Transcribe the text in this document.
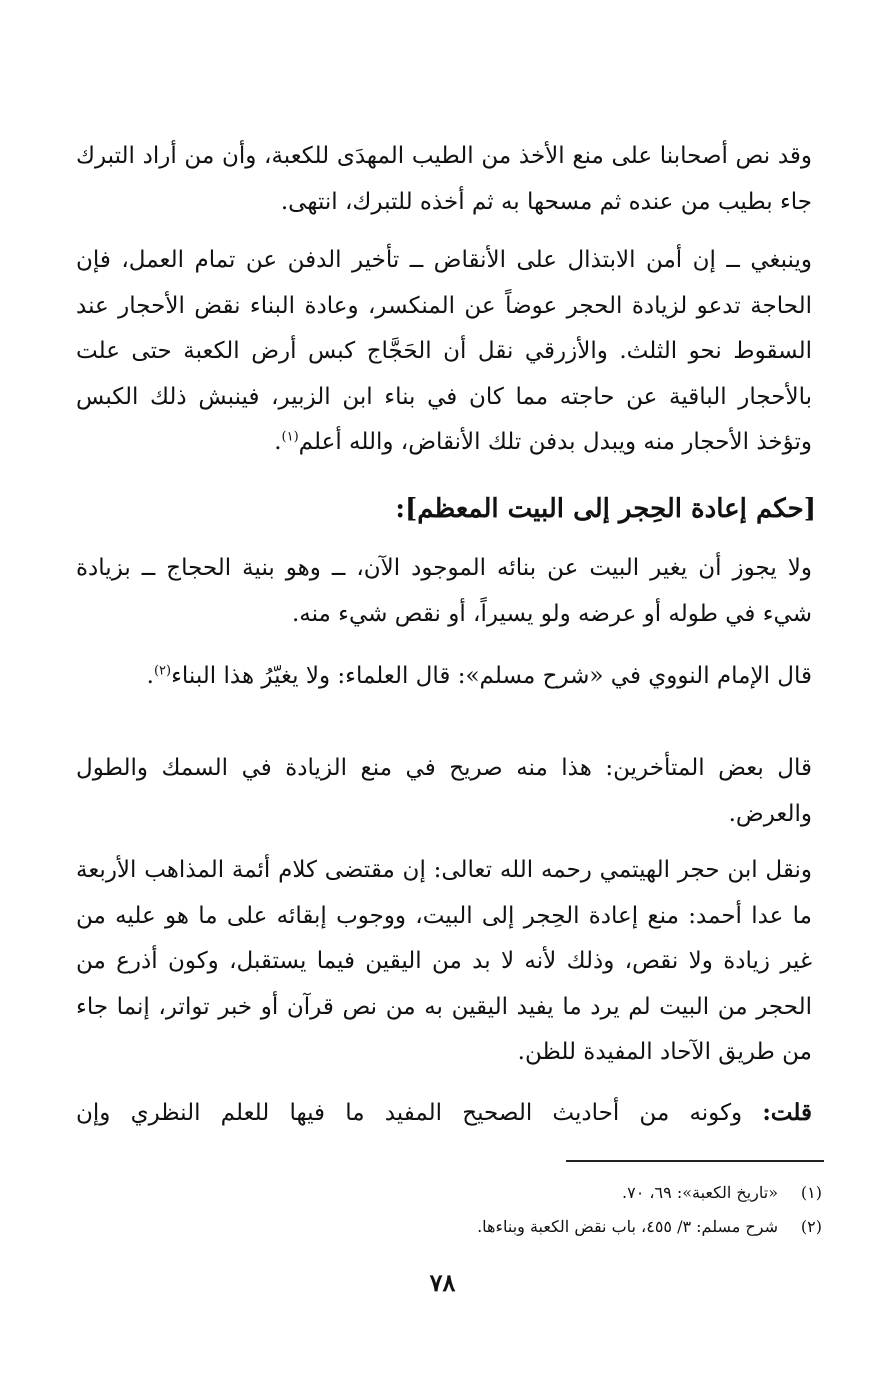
وقد نص أصحابنا على منع الأخذ من الطيب المهدَى للكعبة، وأن من أراد التبرك جاء بطيب من عنده ثم مسحها به ثم أخذه للتبرك، انتهى.

وينبغي ــ إن أمن الابتذال على الأنقاض ــ تأخير الدفن عن تمام العمل، فإن الحاجة تدعو لزيادة الحجر عوضاً عن المنكسر، وعادة البناء نقض الأحجار عند السقوط نحو الثلث. والأزرقي نقل أن الحَجَّاج كبس أرض الكعبة حتى علت بالأحجار الباقية عن حاجته مما كان في بناء ابن الزبير، فينبش ذلك الكبس وتؤخذ الأحجار منه ويبدل بدفن تلك الأنقاض، والله أعلم$^{(١)}$.

[حكم إعادة الحِجر إلى البيت المعظم]:

ولا يجوز أن يغير البيت عن بنائه الموجود الآن، ــ وهو بنية الحجاج ــ بزيادة شيء في طوله أو عرضه ولو يسيراً، أو نقص شيء منه.

قال الإمام النووي في «شرح مسلم»: قال العلماء: ولا يغيّرُ هذا البناء$^{(٢)}$.

قال بعض المتأخرين: هذا منه صريح في منع الزيادة في السمك والطول والعرض.

ونقل ابن حجر الهيتمي رحمه الله تعالى: إن مقتضى كلام أئمة المذاهب الأربعة ما عدا أحمد: منع إعادة الحِجر إلى البيت، ووجوب إبقائه على ما هو عليه من غير زيادة ولا نقص، وذلك لأنه لا بد من اليقين فيما يستقبل، وكون أذرع من الحجر من البيت لم يرد ما يفيد اليقين به من نص قرآن أو خبر تواتر، إنما جاء من طريق الآحاد المفيدة للظن.

قلت: وكونه من أحاديث الصحيح المفيد ما فيها للعلم النظري وإن

(١)«تاريخ الكعبة»: ٦٩، ٧٠.
(٢)شرح مسلم: ٣/ ٤٥٥، باب نقض الكعبة وبناءها.
٧٨
